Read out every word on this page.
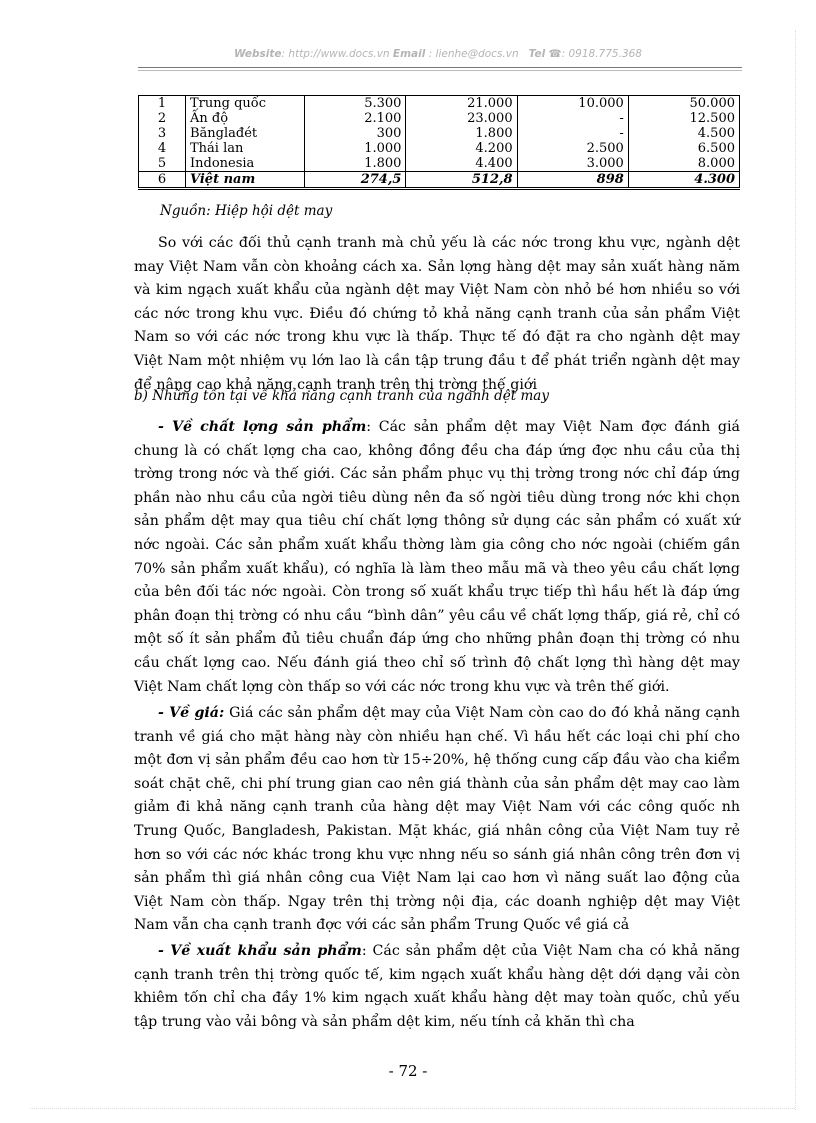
Website: http://www.docs.vn Email : lienhe@docs.vn Tel ☎: 0918.775.368
1	Trung quốc	5.300	21.000	10.000	50.000
2	Ấn độ	2.100	23.000	-	12.500
3	Bănglađét	300	1.800	-	4.500
4	Thái lan	1.000	4.200	2.500	6.500
5	Indonesia	1.800	4.400	3.000	8.000
6	Việt nam	274,5	512,8	898	4.300
Nguồn: Hiệp hội dệt may
So với các đối thủ cạnh tranh mà chủ yếu là các nớc trong khu vực, ngành dệt may Việt Nam vẫn còn khoảng cách xa. Sản lợng hàng dệt may sản xuất hàng năm và kim ngạch xuất khẩu của ngành dệt may Việt Nam còn nhỏ bé hơn nhiều so với các nớc trong khu vực. Điều đó chứng tỏ khả năng cạnh tranh của sản phẩm Việt Nam so với các nớc trong khu vực là thấp. Thực tế đó đặt ra cho ngành dệt may Việt Nam một nhiệm vụ lớn lao là cần tập trung đầu t để phát triển ngành dệt may để nâng cao khả năng cạnh tranh trên thị trờng thế giới
b) Những tồn tại về khả năng cạnh tranh của ngành dệt may
- Về chất lợng sản phẩm: Các sản phẩm dệt may Việt Nam đợc đánh giá chung là có chất lợng cha cao, không đồng đều cha đáp ứng đợc nhu cầu của thị trờng trong nớc và thế giới. Các sản phẩm phục vụ thị trờng trong nớc chỉ đáp ứng phần nào nhu cầu của ngời tiêu dùng nên đa số ngời tiêu dùng trong nớc khi chọn sản phẩm dệt may qua tiêu chí chất lợng thông sử dụng các sản phẩm có xuất xứ nớc ngoài. Các sản phẩm xuất khẩu thờng làm gia công cho nớc ngoài (chiếm gần 70% sản phẩm xuất khẩu), có nghĩa là làm theo mẫu mã và theo yêu cầu chất lợng của bên đối tác nớc ngoài. Còn trong số xuất khẩu trực tiếp thì hầu hết là đáp ứng phân đoạn thị trờng có nhu cầu “bình dân” yêu cầu về chất lợng thấp, giá rẻ, chỉ có một số ít sản phẩm đủ tiêu chuẩn đáp ứng cho những phân đoạn thị trờng có nhu cầu chất lợng cao. Nếu đánh giá theo chỉ số trình độ chất lợng thì hàng dệt may Việt Nam chất lợng còn thấp so với các nớc trong khu vực và trên thế giới.
- Về giá: Giá các sản phẩm dệt may của Việt Nam còn cao do đó khả năng cạnh tranh về giá cho mặt hàng này còn nhiều hạn chế. Vì hầu hết các loại chi phí cho một đơn vị sản phẩm đều cao hơn từ 15÷20%, hệ thống cung cấp đầu vào cha kiểm soát chặt chẽ, chi phí trung gian cao nên giá thành của sản phẩm dệt may cao làm giảm đi khả năng cạnh tranh của hàng dệt may Việt Nam với các công quốc nh Trung Quốc, Bangladesh, Pakistan. Mặt khác, giá nhân công của Việt Nam tuy rẻ hơn so với các nớc khác trong khu vực nhng nếu so sánh giá nhân công trên đơn vị sản phẩm thì giá nhân công cua Việt Nam lại cao hơn vì năng suất lao động của Việt Nam còn thấp. Ngay trên thị trờng nội địa, các doanh nghiệp dệt may Việt Nam vẫn cha cạnh tranh đợc với các sản phẩm Trung Quốc về giá cả
- Về xuất khẩu sản phẩm: Các sản phẩm dệt của Việt Nam cha có khả năng cạnh tranh trên thị trờng quốc tế, kim ngạch xuất khẩu hàng dệt dới dạng vải còn khiêm tốn chỉ cha đầy 1% kim ngạch xuất khẩu hàng dệt may toàn quốc, chủ yếu tập trung vào vải bông và sản phẩm dệt kim, nếu tính cả khăn thì cha
- 72 -
